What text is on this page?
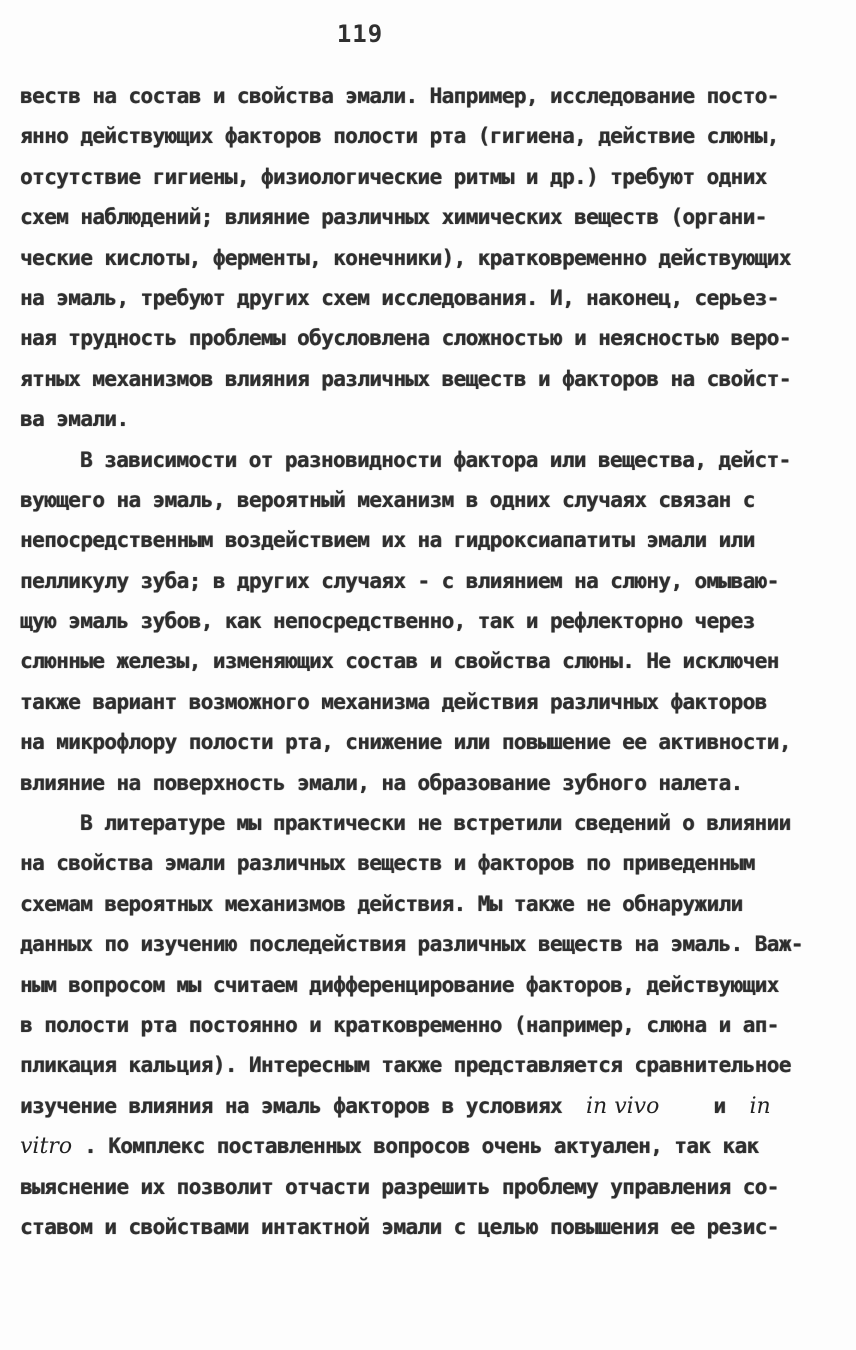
119
веств на состав и свойства эмали. Например, исследование посто-
янно действующих факторов полости рта (гигиена, действие слюны,
отсутствие гигиены, физиологические ритмы и др.) требуют одних
схем наблюдений; влияние различных химических веществ (органи-
ческие кислоты, ферменты, конечники), кратковременно действующих
на эмаль, требуют других схем исследования. И, наконец, серьез-
ная трудность проблемы обусловлена сложностью и неясностью веро-
ятных механизмов влияния различных веществ и факторов на свойст-
ва эмали.
В зависимости от разновидности фактора или вещества, дейст-
вующего на эмаль, вероятный механизм в одних случаях связан с
непосредственным воздействием их на гидроксиапатиты эмали или
пелликулу зуба; в других случаях - с влиянием на слюну, омываю-
щую эмаль зубов, как непосредственно, так и рефлекторно через
слюнные железы, изменяющих состав и свойства слюны. Не исключен
также вариант возможного механизма действия различных факторов
на микрофлору полости рта, снижение или повышение ее активности,
влияние на поверхность эмали, на образование зубного налета.
В литературе мы практически не встретили сведений о влиянии
на свойства эмали различных веществ и факторов по приведенным
схемам вероятных механизмов действия. Мы также не обнаружили
данных по изучению последействия различных веществ на эмаль. Важ-
ным вопросом мы считаем дифференцирование факторов, действующих
в полости рта постоянно и кратковременно (например, слюна и ап-
пликация кальция). Интересным также представляется сравнительное
изучение влияния на эмаль факторов в условиях in vivo	и in
vitro . Комплекс поставленных вопросов очень актуален, так как
выяснение их позволит отчасти разрешить проблему управления со-
ставом и свойствами интактной эмали с целью повышения ее резис-
